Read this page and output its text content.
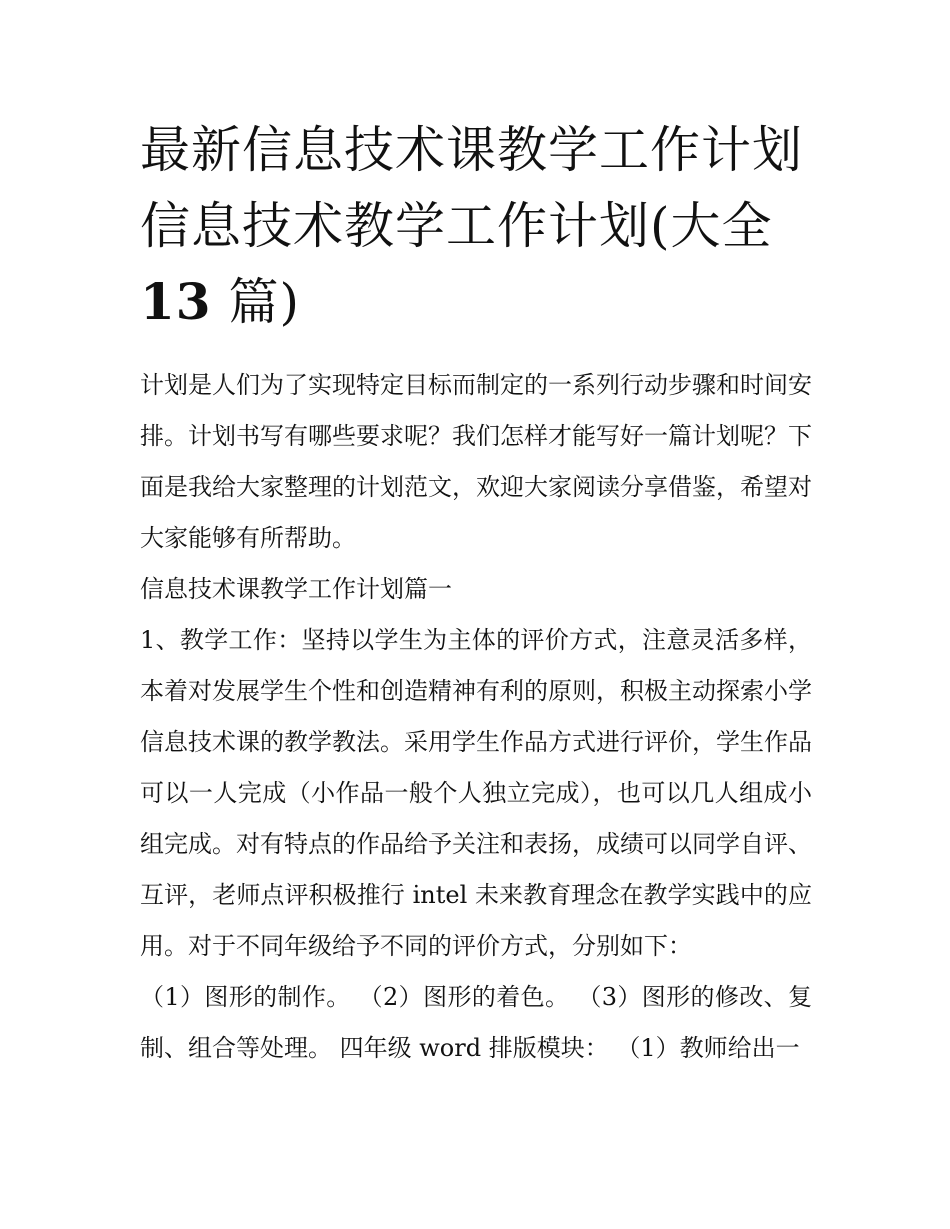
最新信息技术课教学工作计划
信息技术教学工作计划(大全
13 篇)

计划是人们为了实现特定目标而制定的一系列行动步骤和时间安排。计划书写有哪些要求呢？我们怎样才能写好一篇计划呢？下面是我给大家整理的计划范文，欢迎大家阅读分享借鉴，希望对大家能够有所帮助。

信息技术课教学工作计划篇一

1、教学工作：坚持以学生为主体的评价方式，注意灵活多样，本着对发展学生个性和创造精神有利的原则，积极主动探索小学信息技术课的教学教法。采用学生作品方式进行评价，学生作品可以一人完成（小作品一般个人独立完成），也可以几人组成小组完成。对有特点的作品给予关注和表扬，成绩可以同学自评、互评，老师点评积极推行 intel 未来教育理念在教学实践中的应用。对于不同年级给予不同的评价方式，分别如下：

（1）图形的制作。 （2）图形的着色。 （3）图形的修改、复制、组合等处理。 四年级 word 排版模块： （1）教师给出一
